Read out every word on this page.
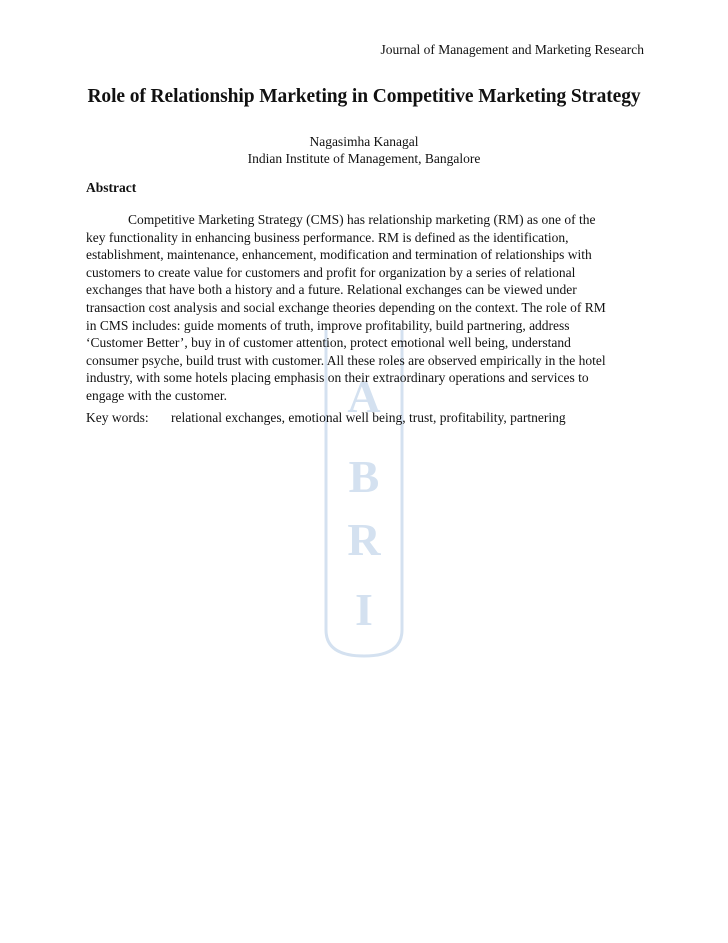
A
B
R
I
Journal of Management and Marketing Research
Role of Relationship Marketing in Competitive Marketing Strategy
Nagasimha Kanagal
Indian Institute of Management, Bangalore
Abstract
Competitive Marketing Strategy (CMS) has relationship marketing (RM) as one of the
key functionality in enhancing business performance. RM is defined as the identification,
establishment, maintenance, enhancement, modification and termination of relationships with
customers to create value for customers and profit for organization by a series of relational
exchanges that have both a history and a future. Relational exchanges can be viewed under
transaction cost analysis and social exchange theories depending on the context. The role of RM
in CMS includes: guide moments of truth, improve profitability, build partnering, address
‘Customer Better’, buy in of customer attention, protect emotional well being, understand
consumer psyche, build trust with customer. All these roles are observed empirically in the hotel
industry, with some hotels placing emphasis on their extraordinary operations and services to
engage with the customer.
Key words: relational exchanges, emotional well being, trust, profitability, partnering
